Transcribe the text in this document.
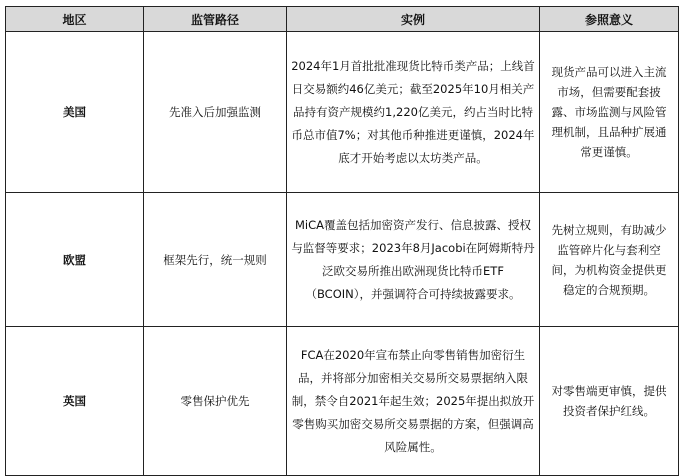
地区	监管路径	实例	参照意义
美国	先准入后加强监测	2024年1月首批批准现货比特币类产品；上线首日交易额约46亿美元；截至2025年10月相关产品持有资产规模约1,220亿美元，约占当时比特币总市值7%；对其他币种推进更谨慎，2024年底才开始考虑以太坊类产品。	现货产品可以进入主流市场，但需要配套披露、市场监测与风险管理机制，且品种扩展通常更谨慎。
欧盟	框架先行，统一规则	MiCA覆盖包括加密资产发行、信息披露、授权与监督等要求；2023年8月Jacobi在阿姆斯特丹泛欧交易所推出欧洲现货比特币ETF（BCOIN），并强调符合可持续披露要求。	先树立规则，有助减少监管碎片化与套利空间，为机构资金提供更稳定的合规预期。
英国	零售保护优先	FCA在2020年宣布禁止向零售销售加密衍生品，并将部分加密相关交易所交易票据纳入限制，禁令自2021年起生效；2025年提出拟放开零售购买加密交易所交易票据的方案，但强调高风险属性。	对零售端更审慎，提供投资者保护红线。
